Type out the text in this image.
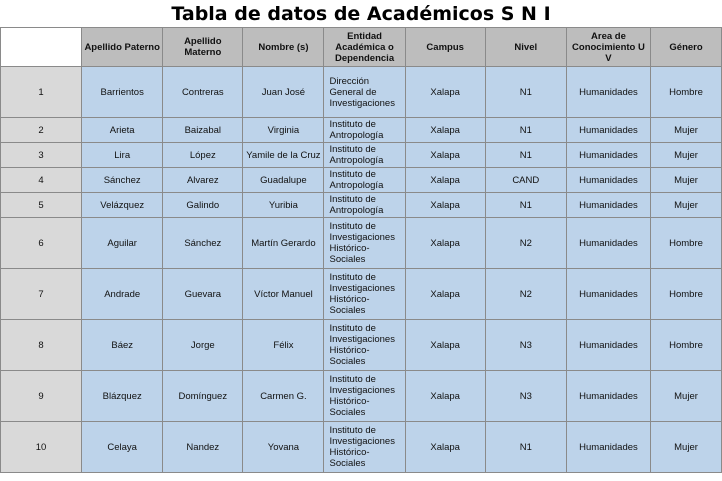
Tabla de datos de Académicos S N I
	Apellido Paterno	Apellido Materno	Nombre (s)	Entidad Académica o Dependencia	Campus	Nivel	Area de Conocimiento U V	Género
1	Barrientos	Contreras	Juan José	Dirección General de Investigaciones	Xalapa	N1	Humanidades	Hombre
2	Arieta	Baizabal	Virginia	Instituto de Antropología	Xalapa	N1	Humanidades	Mujer
3	Lira	López	Yamile de la Cruz	Instituto de Antropología	Xalapa	N1	Humanidades	Mujer
4	Sánchez	Alvarez	Guadalupe	Instituto de Antropología	Xalapa	CAND	Humanidades	Mujer
5	Velázquez	Galindo	Yuribia	Instituto de Antropología	Xalapa	N1	Humanidades	Mujer
6	Aguilar	Sánchez	Martín Gerardo	Instituto de Investigaciones Histórico-Sociales	Xalapa	N2	Humanidades	Hombre
7	Andrade	Guevara	Víctor Manuel	Instituto de Investigaciones Histórico-Sociales	Xalapa	N2	Humanidades	Hombre
8	Báez	Jorge	Félix	Instituto de Investigaciones Histórico-Sociales	Xalapa	N3	Humanidades	Hombre
9	Blázquez	Domínguez	Carmen G.	Instituto de Investigaciones Histórico-Sociales	Xalapa	N3	Humanidades	Mujer
10	Celaya	Nandez	Yovana	Instituto de Investigaciones Histórico-Sociales	Xalapa	N1	Humanidades	Mujer
